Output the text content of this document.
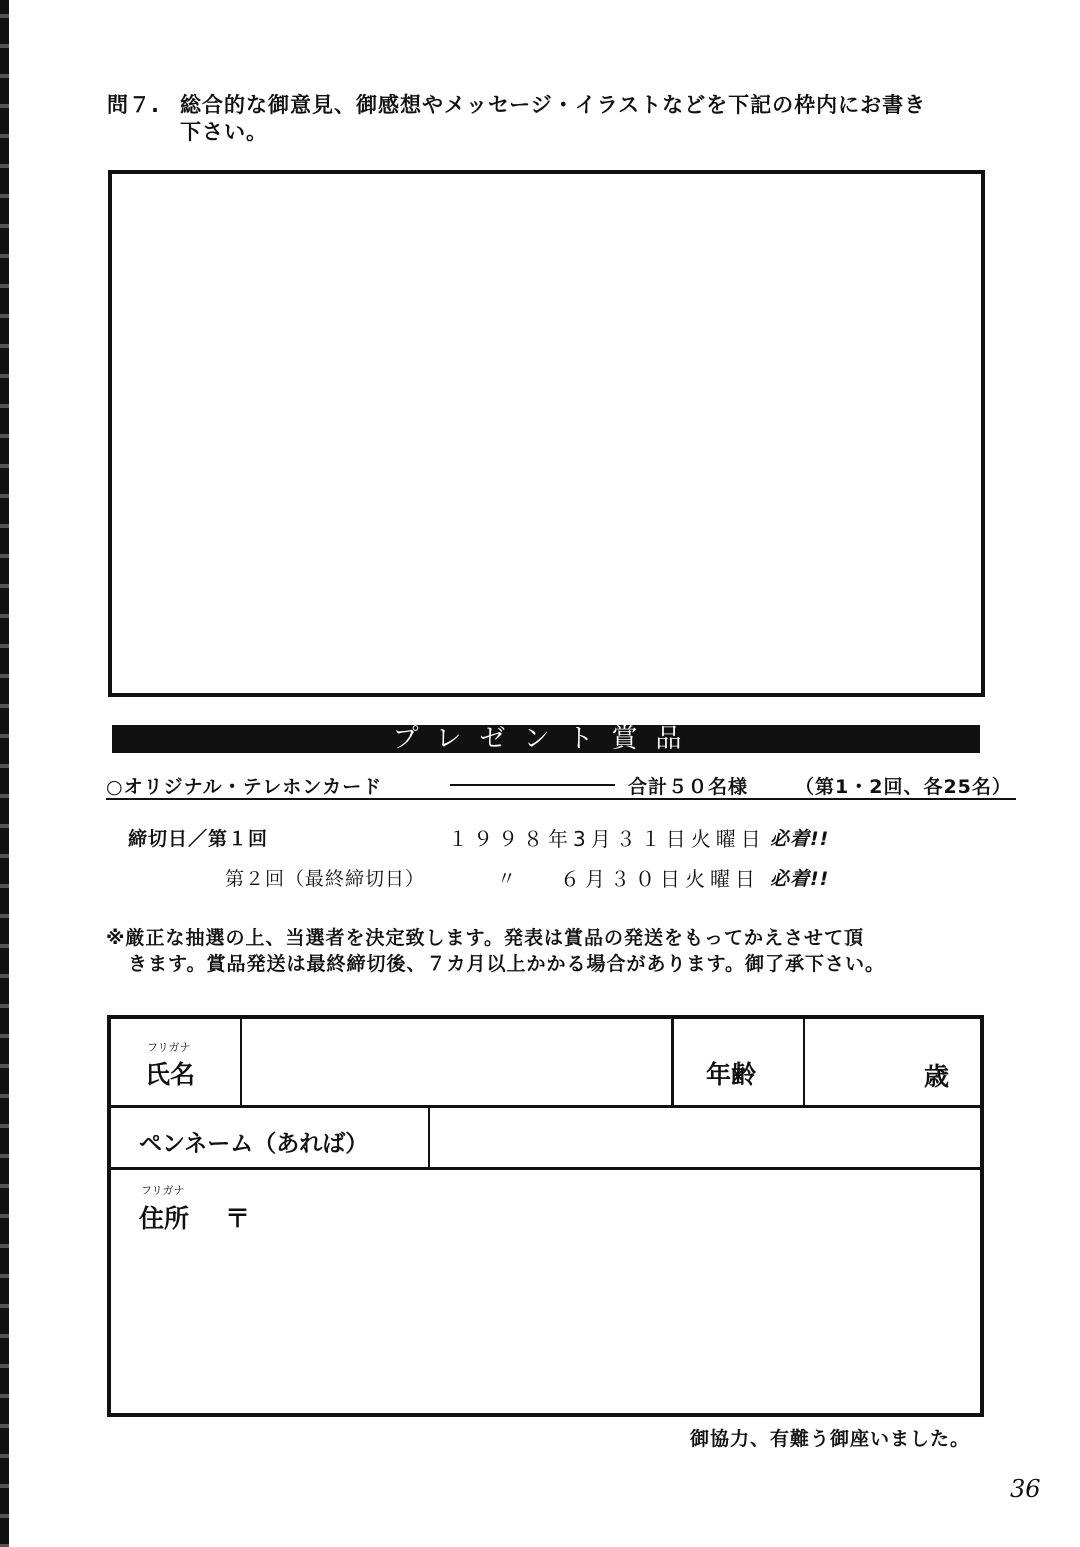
問７. 総合的な御意見、御感想やメッセージ・イラストなどを下記の枠内にお書き
下さい。
プレゼント賞品
○オリジナル・テレホンカード	合計５０名様 （第1・2回、各25名）
締切日／第１回	１９９８年3月３１日火曜日 必着!!
第２回（最終締切日）	〃 ６月３０日火曜日 必着!!
※厳正な抽選の上、当選者を決定致します。発表は賞品の発送をもってかえさせて頂
きます。賞品発送は最終締切後、７カ月以上かかる場合があります。御了承下さい。
フリガナ
氏名	年齢	歳
ペンネーム（あれば）
フリガナ
住所 〒
御協力、有難う御座いました。
36
